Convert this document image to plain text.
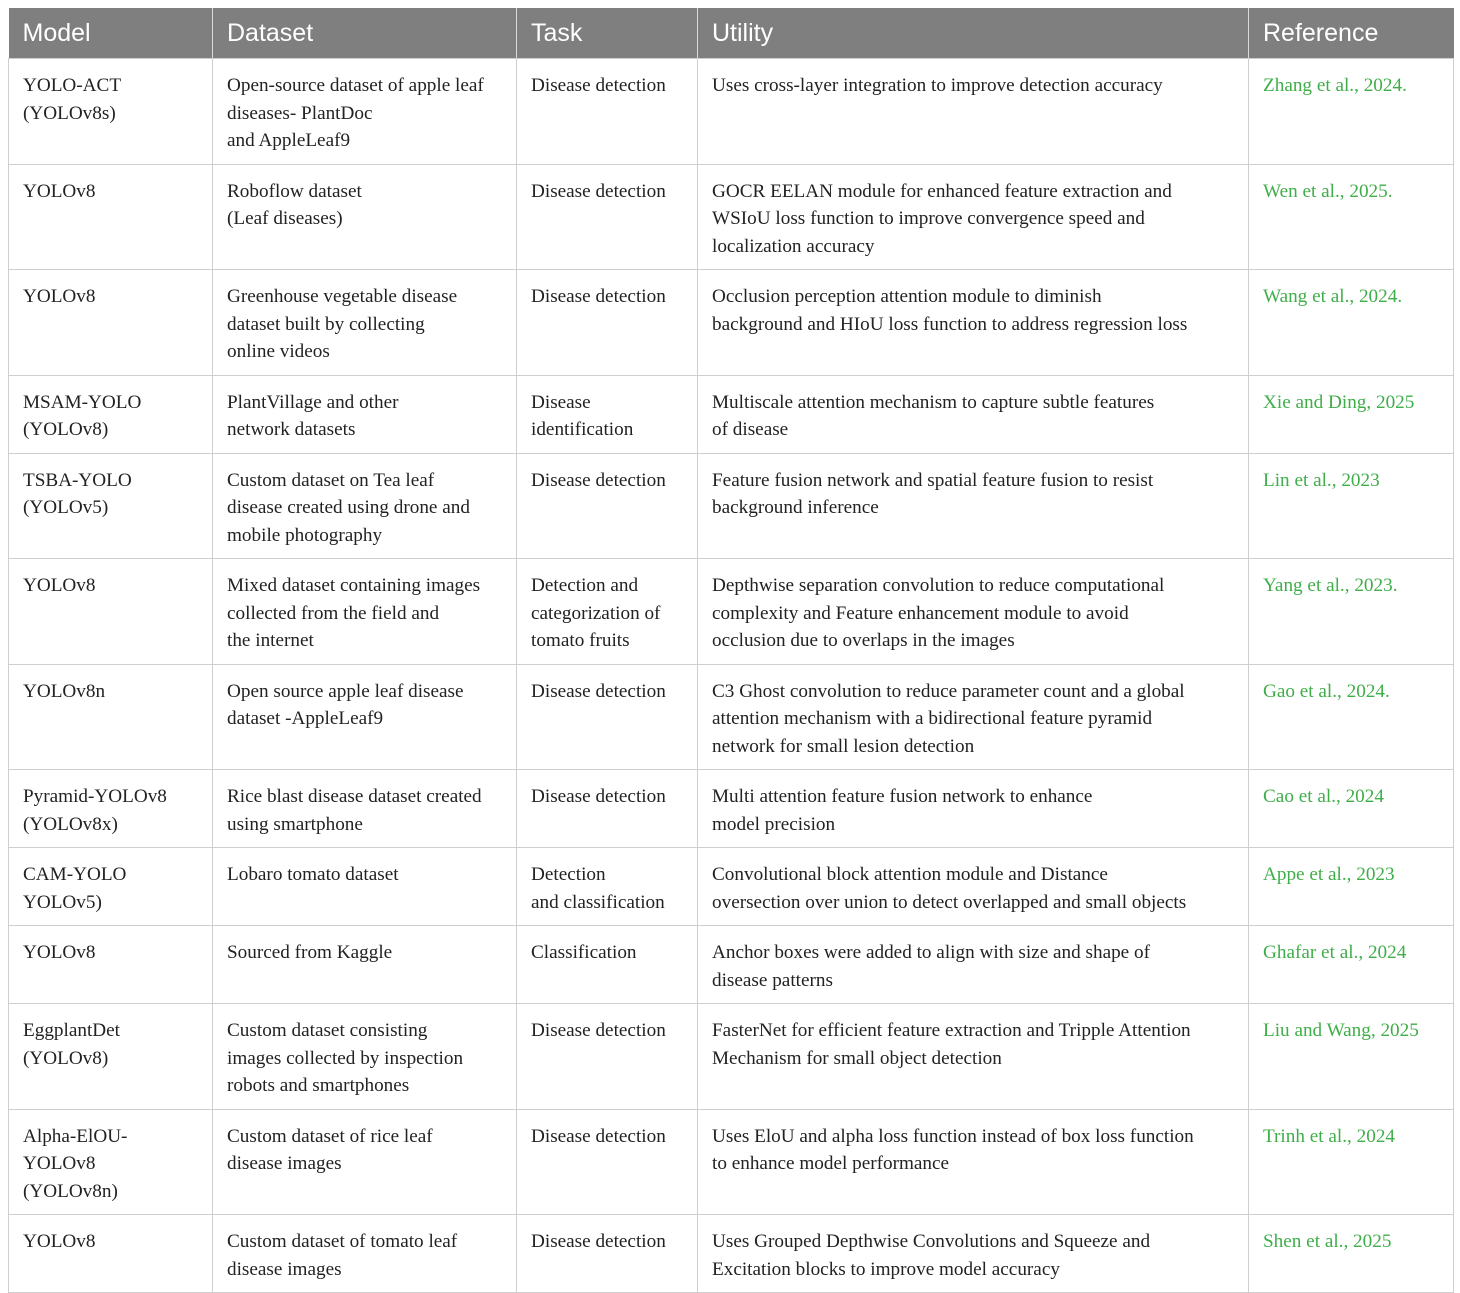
Model	Dataset	Task	Utility	Reference

YOLO-ACT
(YOLOv8s)	Open-source dataset of apple leaf
diseases- PlantDoc
and AppleLeaf9	Disease detection	Uses cross-layer integration to improve detection accuracy	Zhang et al., 2024.

YOLOv8	Roboflow dataset
(Leaf diseases)	Disease detection	GOCR EELAN module for enhanced feature extraction and
WSIoU loss function to improve convergence speed and
localization accuracy	Wen et al., 2025.

YOLOv8	Greenhouse vegetable disease
dataset built by collecting
online videos	Disease detection	Occlusion perception attention module to diminish
background and HIoU loss function to address regression loss	Wang et al., 2024.

MSAM-YOLO
(YOLOv8)	PlantVillage and other
network datasets	Disease
identification	Multiscale attention mechanism to capture subtle features
of disease	Xie and Ding, 2025

TSBA-YOLO
(YOLOv5)	Custom dataset on Tea leaf
disease created using drone and
mobile photography	Disease detection	Feature fusion network and spatial feature fusion to resist
background inference	Lin et al., 2023

YOLOv8	Mixed dataset containing images
collected from the field and
the internet	Detection and
categorization of
tomato fruits	Depthwise separation convolution to reduce computational
complexity and Feature enhancement module to avoid
occlusion due to overlaps in the images	Yang et al., 2023.

YOLOv8n	Open source apple leaf disease
dataset -AppleLeaf9	Disease detection	C3 Ghost convolution to reduce parameter count and a global
attention mechanism with a bidirectional feature pyramid
network for small lesion detection	Gao et al., 2024.

Pyramid-YOLOv8
(YOLOv8x)	Rice blast disease dataset created
using smartphone	Disease detection	Multi attention feature fusion network to enhance
model precision	Cao et al., 2024

CAM-YOLO
YOLOv5)	Lobaro tomato dataset	Detection
and classification	Convolutional block attention module and Distance
oversection over union to detect overlapped and small objects	Appe et al., 2023

YOLOv8	Sourced from Kaggle	Classification	Anchor boxes were added to align with size and shape of
disease patterns	Ghafar et al., 2024

EggplantDet
(YOLOv8)	Custom dataset consisting
images collected by inspection
robots and smartphones	Disease detection	FasterNet for efficient feature extraction and Tripple Attention
Mechanism for small object detection	Liu and Wang, 2025

Alpha-ElOU-
YOLOv8
(YOLOv8n)	Custom dataset of rice leaf
disease images	Disease detection	Uses EloU and alpha loss function instead of box loss function
to enhance model performance	Trinh et al., 2024

YOLOv8	Custom dataset of tomato leaf
disease images	Disease detection	Uses Grouped Depthwise Convolutions and Squeeze and
Excitation blocks to improve model accuracy	Shen et al., 2025
